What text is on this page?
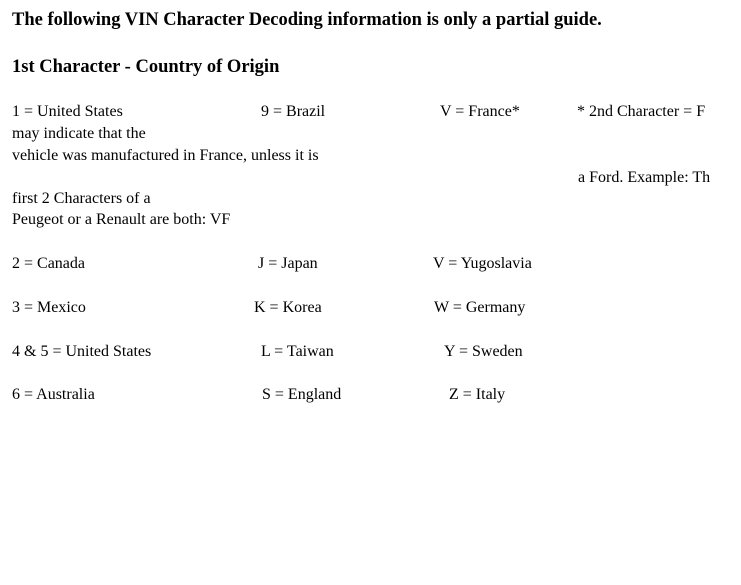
The following VIN Character Decoding information is only a partial guide.
1st Character - Country of Origin
1 = United States	9 = Brazil	V = France*	* 2nd Character = F
may indicate that the
vehicle was manufactured in France, unless it is
a Ford. Example: Th
first 2 Characters of a
Peugeot or a Renault are both: VF
2 = Canada	J = Japan	V = Yugoslavia
3 = Mexico	K = Korea	W = Germany
4 & 5 = United States	L = Taiwan	Y = Sweden
6 = Australia	S = England	Z = Italy
